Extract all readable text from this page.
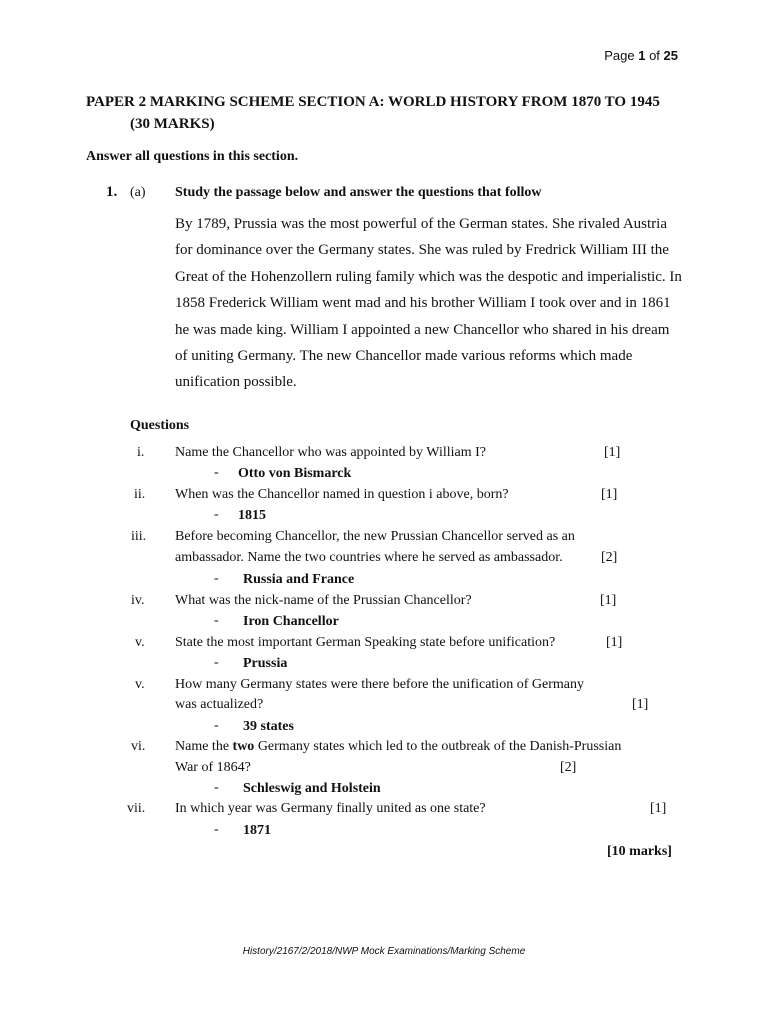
Page 1 of 25
PAPER 2 MARKING SCHEME SECTION A: WORLD HISTORY FROM 1870 TO 1945
(30 MARKS)
Answer all questions in this section.
1. (a) Study the passage below and answer the questions that follow

By 1789, Prussia was the most powerful of the German states. She rivaled Austria for dominance over the Germany states. She was ruled by Fredrick William III the Great of the Hohenzollern ruling family which was the despotic and imperialistic. In 1858 Frederick William went mad and his brother William I took over and in 1861 he was made king. William I appointed a new Chancellor who shared in his dream of uniting Germany. The new Chancellor made various reforms which made unification possible.

Questions
i. Name the Chancellor who was appointed by William I?	[1]
- Otto von Bismarck
ii. When was the Chancellor named in question i above, born?	[1]
- 1815
iii. Before becoming Chancellor, the new Prussian Chancellor served as an
ambassador. Name the two countries where he served as ambassador.	[2]
- Russia and France
iv. What was the nick-name of the Prussian Chancellor?	[1]
- Iron Chancellor
v. State the most important German Speaking state before unification?	[1]
- Prussia
v. How many Germany states were there before the unification of Germany
was actualized?	[1]
- 39 states
vi. Name the two Germany states which led to the outbreak of the Danish-Prussian
War of 1864?	[2]
- Schleswig and Holstein
vii. In which year was Germany finally united as one state?	[1]
- 1871
[10 marks]
History/2167/2/2018/NWP Mock Examinations/Marking Scheme
